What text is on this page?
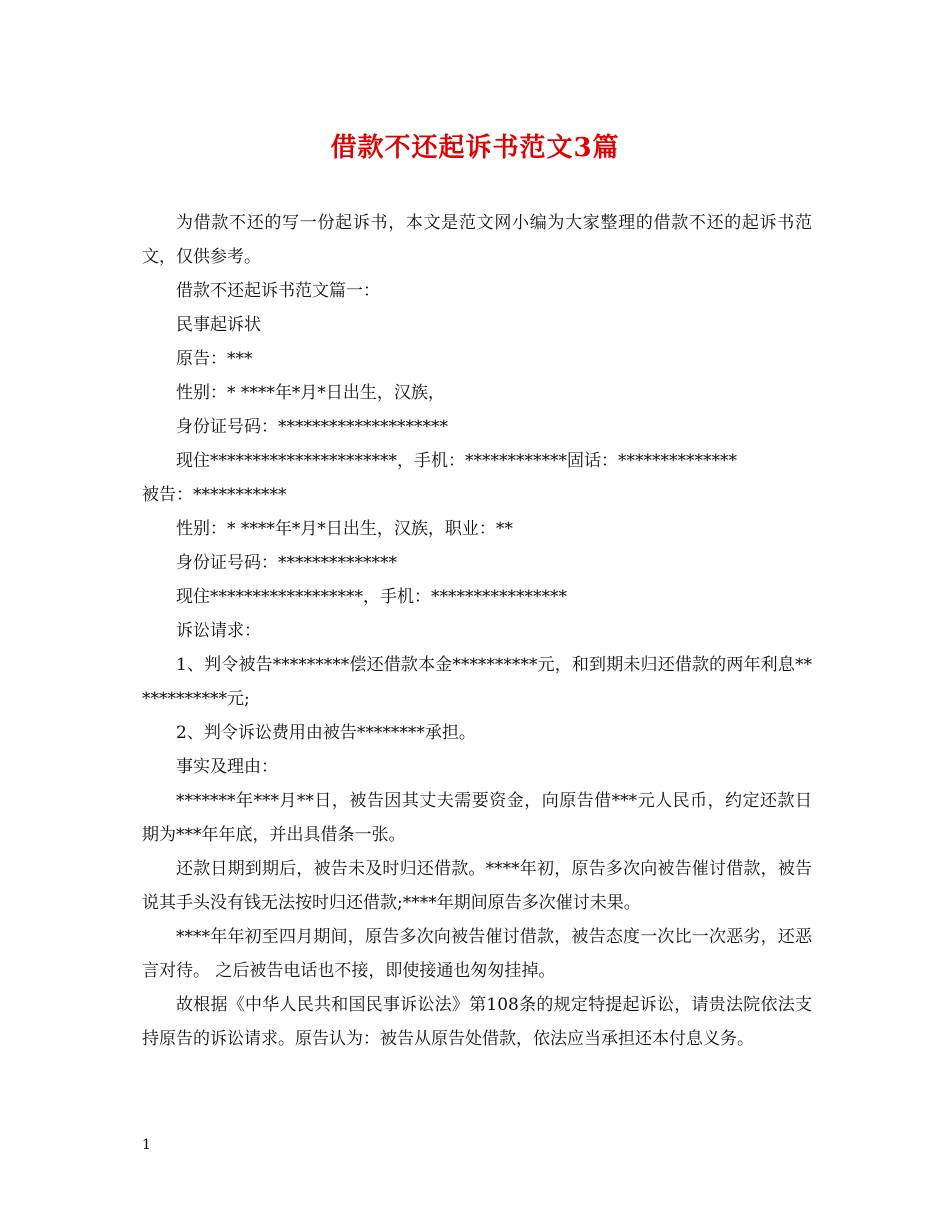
借款不还起诉书范文3篇

为借款不还的写一份起诉书，本文是范文网小编为大家整理的借款不还的起诉书范文，仅供参考。

借款不还起诉书范文篇一：

民事起诉状

原告：***

性别：* ****年*月*日出生，汉族，

身份证号码：********************

现住**********************，手机：************固话：**************

被告：***********

性别：* ****年*月*日出生，汉族，职业：**

身份证号码：**************

现住******************，手机：****************

诉讼请求：

1、判令被告*********偿还借款本金**********元，和到期未归还借款的两年利息************元;

2、判令诉讼费用由被告********承担。

事实及理由：

*******年***月**日，被告因其丈夫需要资金，向原告借***元人民币，约定还款日期为***年年底，并出具借条一张。

还款日期到期后，被告未及时归还借款。****年初，原告多次向被告催讨借款，被告说其手头没有钱无法按时归还借款;****年期间原告多次催讨未果。

****年年初至四月期间，原告多次向被告催讨借款，被告态度一次比一次恶劣，还恶言对待。 之后被告电话也不接，即使接通也匆匆挂掉。

故根据《中华人民共和国民事诉讼法》第108条的规定特提起诉讼，请贵法院依法支持原告的诉讼请求。原告认为：被告从原告处借款，依法应当承担还本付息义务。

1
